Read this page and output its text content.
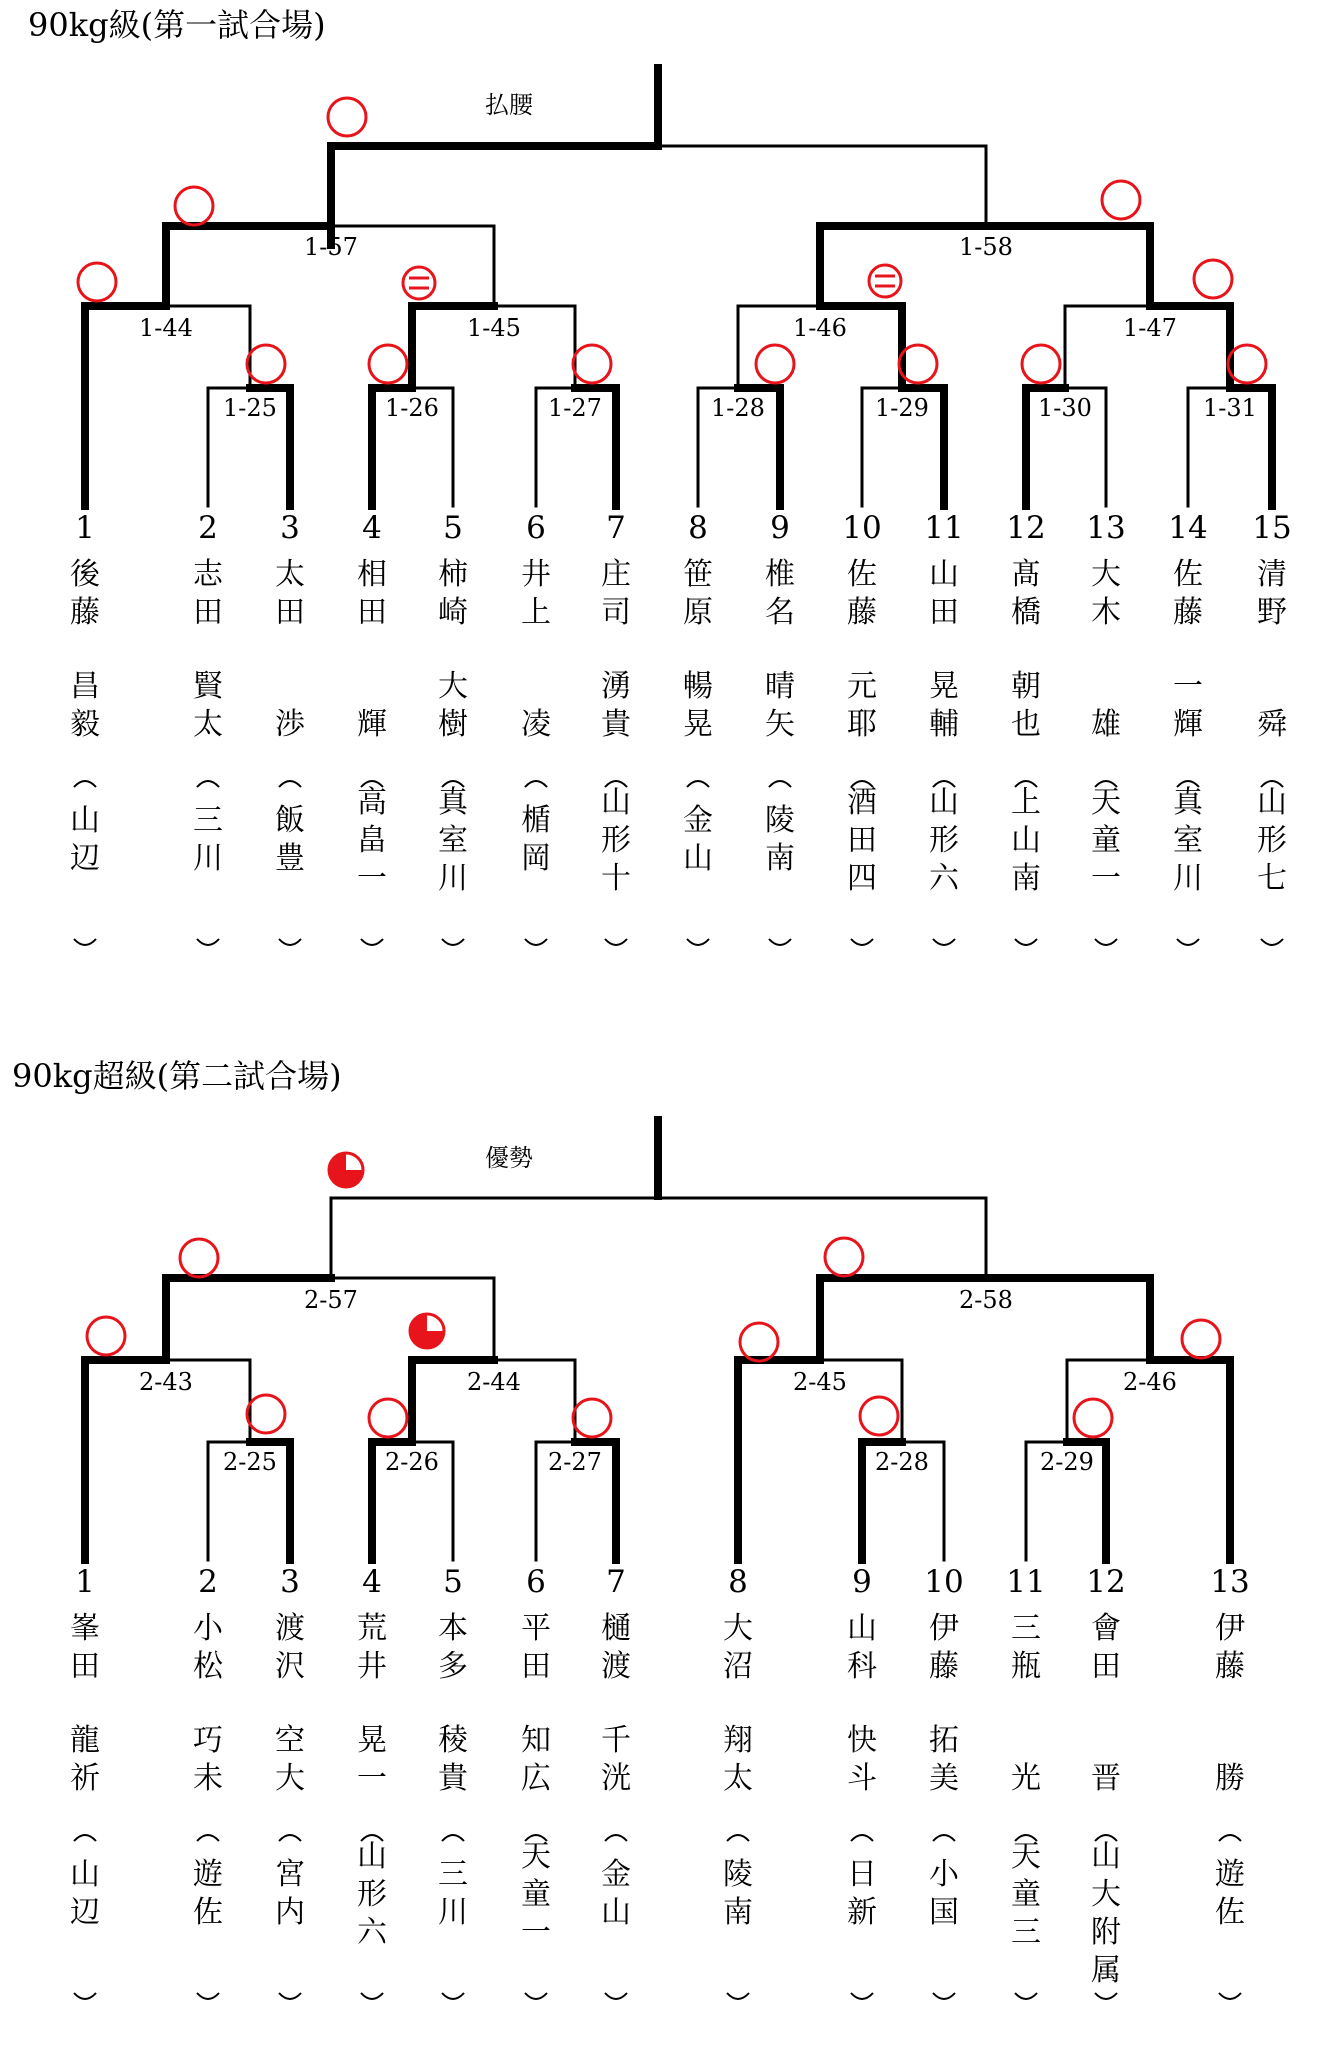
90kg級(第一試合場)
払腰
1-25	1-26	1-27	1-28	1-29	1-30	1-31
1-44	1-45	1-46	1-47
1-57	1-58
1
後藤
昌毅
山辺
2
志田
賢太
三川
3
太田
渉
飯豊
4
相田
輝
高畠一
5
柿崎
大樹
真室川
6
井上
凌
楯岡
7
庄司
湧貴
山形十
8
笹原
暢晃
金山
9
椎名
晴矢
陵南
10
佐藤
元耶
酒田四
11
山田
晃輔
山形六
12
髙橋
朝也
上山南
13
大木
雄
天童一
14
佐藤
一輝
真室川
15
清野
舜
山形七
90kg超級(第二試合場)
優勢
2-25	2-26	2-27	2-28	2-29
2-43	2-44	2-45	2-46
2-57	2-58
1
峯田
龍祈
山辺
2
小松
巧未
遊佐
3
渡沢
空大
宮内
4
荒井
晃一
山形六
5
本多
稜貴
三川
6
平田
知広
天童一
7
樋渡
千洸
金山
8
大沼
翔太
陵南
9
山科
快斗
日新
10
伊藤
拓美
小国
11
三瓶
光
天童三
12
會田
晋
山大附属
13
伊藤
勝
遊佐
